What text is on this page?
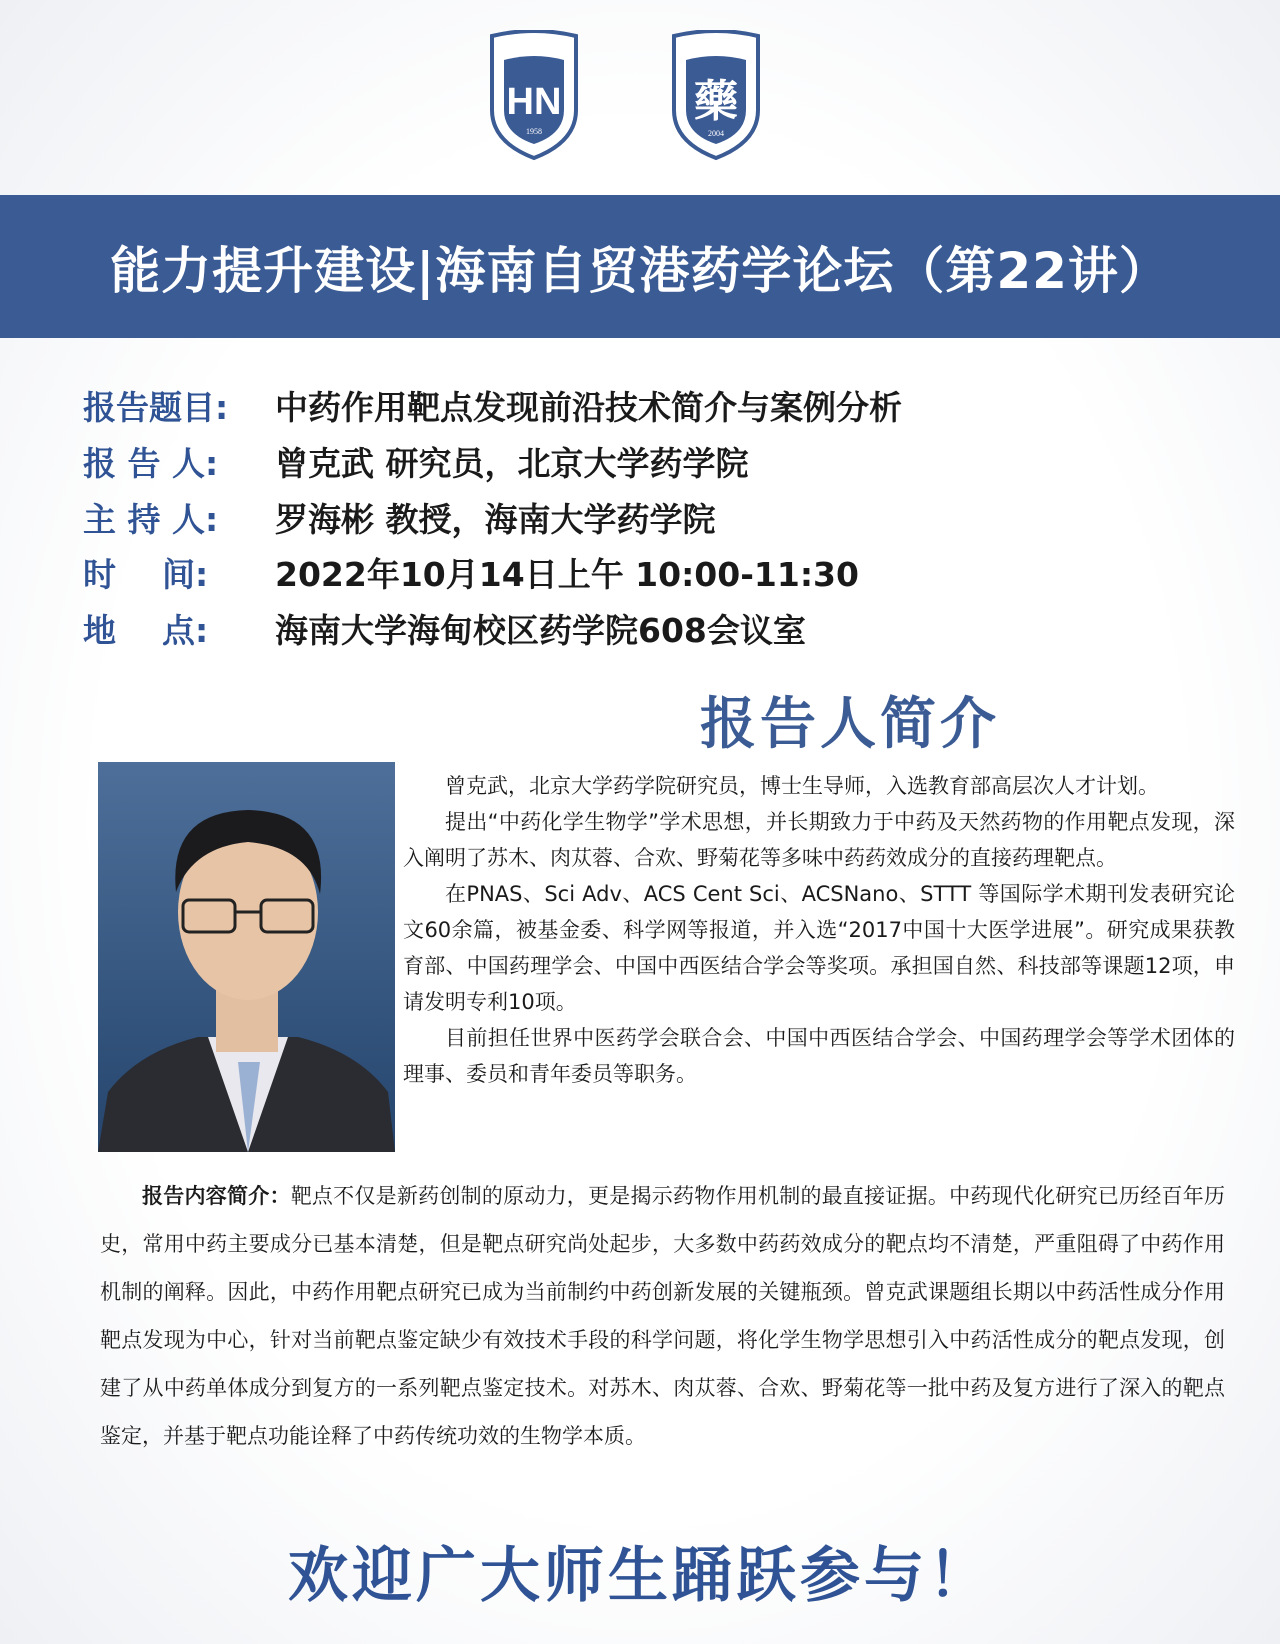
HN
1958
藥
2004
能力提升建设|海南自贸港药学论坛（第22讲）
报告题目:	中药作用靶点发现前沿技术简介与案例分析
报 告 人:	曾克武 研究员，北京大学药学院
主 持 人:	罗海彬 教授，海南大学药学院
时    间:	2022年10月14日上午 10:00-11:30
地    点:	海南大学海甸校区药学院608会议室
报告人简介

曾克武，北京大学药学院研究员，博士生导师，入选教育部高层次人才计划。

提出“中药化学生物学”学术思想，并长期致力于中药及天然药物的作用靶点发现，深入阐明了苏木、肉苁蓉、合欢、野菊花等多味中药药效成分的直接药理靶点。

在PNAS、Sci Adv、ACS Cent Sci、ACSNano、STTT 等国际学术期刊发表研究论文60余篇，被基金委、科学网等报道，并入选“2017中国十大医学进展”。研究成果获教育部、中国药理学会、中国中西医结合学会等奖项。承担国自然、科技部等课题12项，申请发明专利10项。

目前担任世界中医药学会联合会、中国中西医结合学会、中国药理学会等学术团体的理事、委员和青年委员等职务。

报告内容简介：靶点不仅是新药创制的原动力，更是揭示药物作用机制的最直接证据。中药现代化研究已历经百年历史，常用中药主要成分已基本清楚，但是靶点研究尚处起步，大多数中药药效成分的靶点均不清楚，严重阻碍了中药作用机制的阐释。因此，中药作用靶点研究已成为当前制约中药创新发展的关键瓶颈。曾克武课题组长期以中药活性成分作用靶点发现为中心，针对当前靶点鉴定缺少有效技术手段的科学问题，将化学生物学思想引入中药活性成分的靶点发现，创建了从中药单体成分到复方的一系列靶点鉴定技术。对苏木、肉苁蓉、合欢、野菊花等一批中药及复方进行了深入的靶点鉴定，并基于靶点功能诠释了中药传统功效的生物学本质。
欢迎广大师生踊跃参与！
